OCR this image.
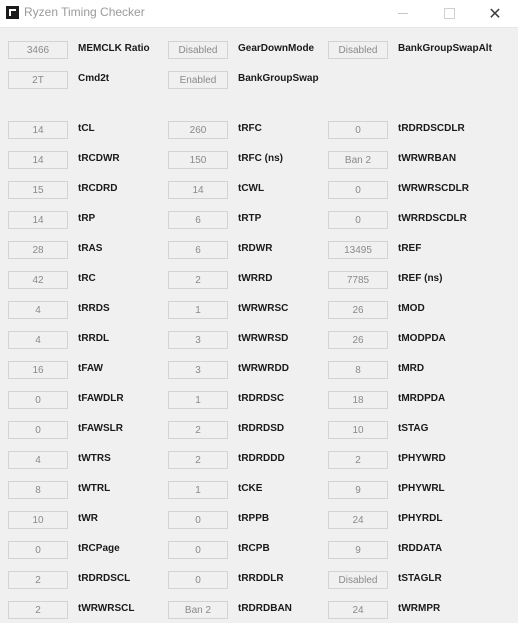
Ryzen Timing Checker	✕
3466	MEMCLK Ratio	Disabled	GearDownMode	Disabled	BankGroupSwapAlt
2T	Cmd2t	Enabled	BankGroupSwap
14	tCL	260	tRFC	0	tRDRDSCDLR
14	tRCDWR	150	tRFC (ns)	Ban 2	tWRWRBAN
15	tRCDRD	14	tCWL	0	tWRWRSCDLR
14	tRP	6	tRTP	0	tWRRDSCDLR
28	tRAS	6	tRDWR	13495	tREF
42	tRC	2	tWRRD	7785	tREF (ns)
4	tRRDS	1	tWRWRSC	26	tMOD
4	tRRDL	3	tWRWRSD	26	tMODPDA
16	tFAW	3	tWRWRDD	8	tMRD
0	tFAWDLR	1	tRDRDSC	18	tMRDPDA
0	tFAWSLR	2	tRDRDSD	10	tSTAG
4	tWTRS	2	tRDRDDD	2	tPHYWRD
8	tWTRL	1	tCKE	9	tPHYWRL
10	tWR	0	tRPPB	24	tPHYRDL
0	tRCPage	0	tRCPB	9	tRDDATA
2	tRDRDSCL	0	tRRDDLR	Disabled	tSTAGLR
2	tWRWRSCL	Ban 2	tRDRDBAN	24	tWRMPR
